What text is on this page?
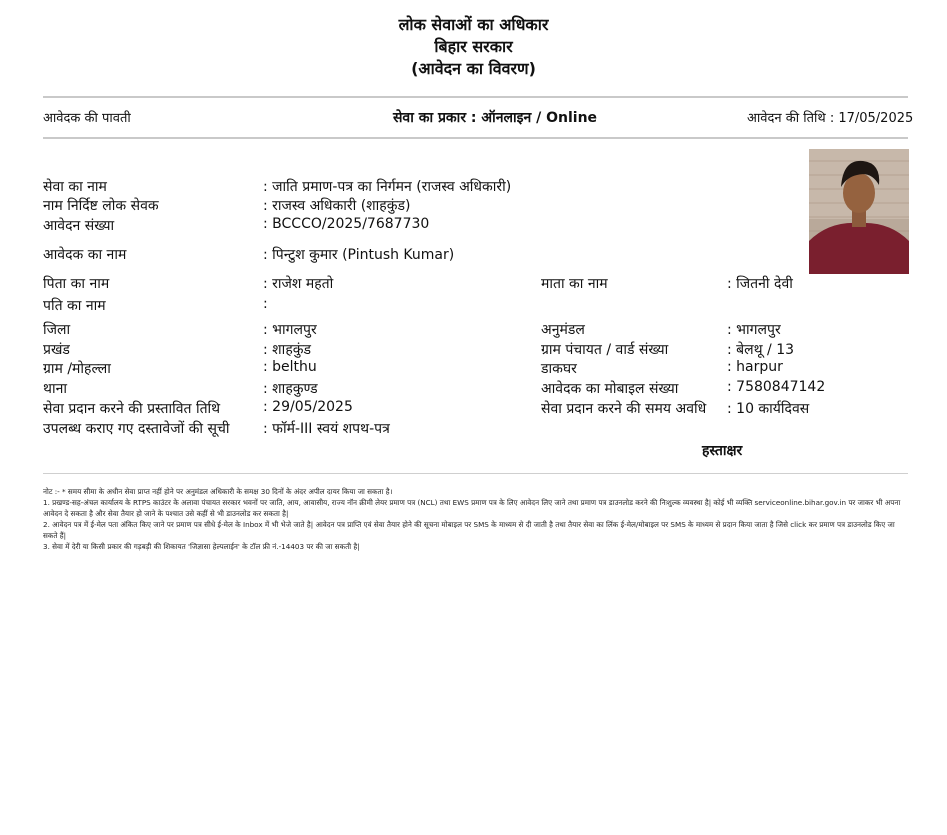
लोक सेवाओं का अधिकार
बिहार सरकार
(आवेदन का विवरण)
आवेदक की पावती	सेवा का प्रकार : ऑनलाइन / Online	आवेदन की तिथि : 17/05/2025
सेवा का नाम	: जाति प्रमाण-पत्र का निर्गमन (राजस्व अधिकारी)
नाम निर्दिष्ट लोक सेवक	: राजस्व अधिकारी (शाहकुंड)
आवेदन संख्या	: BCCCO/2025/7687730
आवेदक का नाम	: पिन्टुश कुमार (Pintush Kumar)
पिता का नाम	: राजेश महतो	माता का नाम	: जितनी देवी
पति का नाम	:
जिला	: भागलपुर	अनुमंडल	: भागलपुर
प्रखंड	: शाहकुंड	ग्राम पंचायत / वार्ड संख्या	: बेलथू / 13
ग्राम /मोहल्ला	: belthu	डाकघर	: harpur
थाना	: शाहकुण्ड	आवेदक का मोबाइल संख्या	: 7580847142
सेवा प्रदान करने की प्रस्तावित तिथि	: 29/05/2025	सेवा प्रदान करने की समय अवधि : 10 कार्यदिवस
उपलब्ध कराए गए दस्तावेजों की सूची : फॉर्म-III स्वयं शपथ-पत्र
हस्ताक्षर
नोट :- * समय सीमा के अधीन सेवा प्राप्त नहीं होने पर अनुमंडल अधिकारी के समक्ष 30 दिनों के अंदर अपील दायर किया जा सकता है।
1. प्रखण्ड-सह-अंचल कार्यालय के RTPS काउंटर के अलावा पंचायत सरकार भवनों पर जाति, आय, आवासीय, राज्य नॉन क्रीमी लेयर प्रमाण पत्र (NCL) तथा EWS प्रमाण पत्र के लिए आवेदन लिए जाने तथा प्रमाण पत्र डाउनलोड करने की निःशुल्क व्यवस्था है| कोई भी व्यक्ति serviceonline.bihar.gov.in पर जाकर भी अपना आवेदन दे सकता है और सेवा तैयार हो जाने के पश्चात उसे कहीं से भी डाउनलोड कर सकता है|
2. आवेदन पत्र में ई-मेल पता अंकित किए जाने पर प्रमाण पत्र सीधे ई-मेल के Inbox में भी भेजे जाते है| आवेदन पत्र प्राप्ति एवं सेवा तैयार होने की सूचना मोबाइल पर SMS के माध्यम से दी जाती है तथा तैयार सेवा का लिंक ई-मेल/मोबाइल पर SMS के माध्यम से प्रदान किया जाता है जिसे click कर प्रमाण पत्र डाउनलोड किए जा सकते हैं|
3. सेवा में देरी या किसी प्रकार की गड़बड़ी की शिकायत 'जिज्ञासा हेल्पलाईन' के टॉल फ्री नं.-14403 पर की जा सकती है|
